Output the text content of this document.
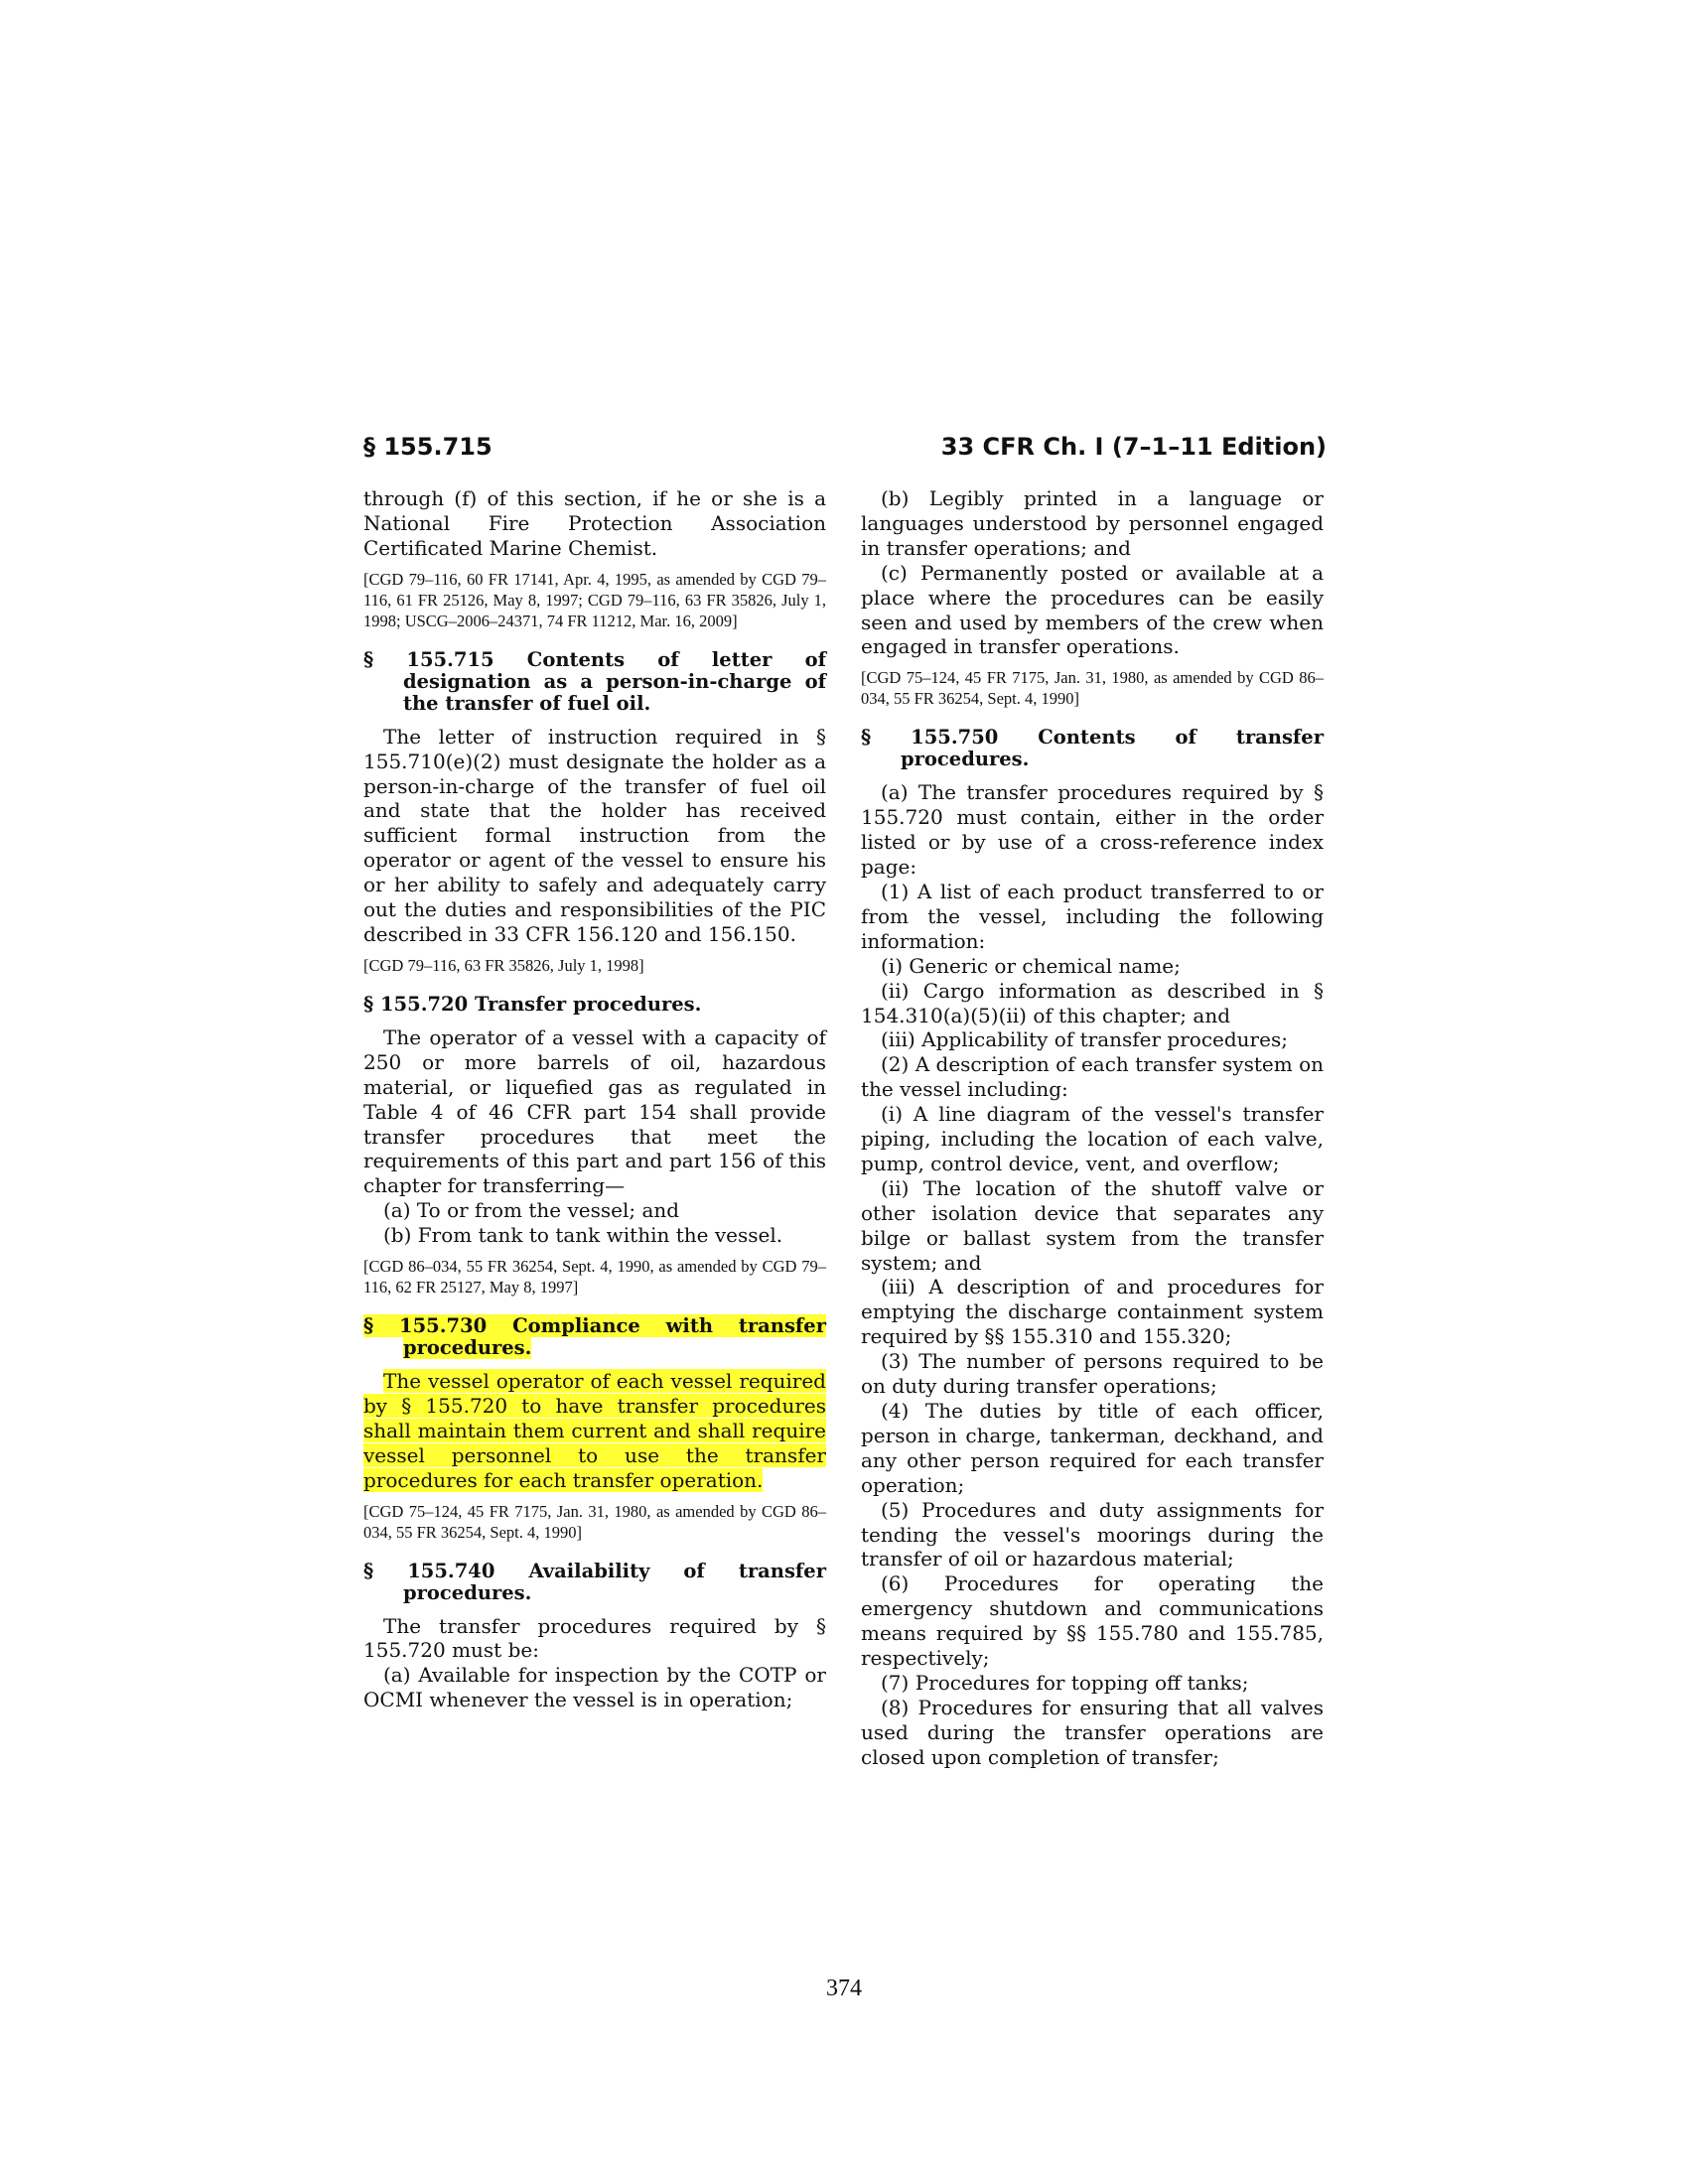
§ 155.715	33 CFR Ch. I (7–1–11 Edition)

through (f) of this section, if he or she is a National Fire Protection Association Certificated Marine Chemist.

[CGD 79–116, 60 FR 17141, Apr. 4, 1995, as amended by CGD 79–116, 61 FR 25126, May 8, 1997; CGD 79–116, 63 FR 35826, July 1, 1998; USCG–2006–24371, 74 FR 11212, Mar. 16, 2009]
§ 155.715 Contents of letter of designation as a person-in-charge of the transfer of fuel oil.

The letter of instruction required in § 155.710(e)(2) must designate the holder as a person-in-charge of the transfer of fuel oil and state that the holder has received sufficient formal instruction from the operator or agent of the vessel to ensure his or her ability to safely and adequately carry out the duties and responsibilities of the PIC described in 33 CFR 156.120 and 156.150.

[CGD 79–116, 63 FR 35826, July 1, 1998]
§ 155.720 Transfer procedures.

The operator of a vessel with a capacity of 250 or more barrels of oil, hazardous material, or liquefied gas as regulated in Table 4 of 46 CFR part 154 shall provide transfer procedures that meet the requirements of this part and part 156 of this chapter for transferring—

(a) To or from the vessel; and

(b) From tank to tank within the vessel.

[CGD 86–034, 55 FR 36254, Sept. 4, 1990, as amended by CGD 79–116, 62 FR 25127, May 8, 1997]
§ 155.730 Compliance with transfer procedures.

The vessel operator of each vessel required by § 155.720 to have transfer procedures shall maintain them current and shall require vessel personnel to use the transfer procedures for each transfer operation.

[CGD 75–124, 45 FR 7175, Jan. 31, 1980, as amended by CGD 86–034, 55 FR 36254, Sept. 4, 1990]
§ 155.740 Availability of transfer procedures.

The transfer procedures required by § 155.720 must be:

(a) Available for inspection by the COTP or OCMI whenever the vessel is in operation;

(b) Legibly printed in a language or languages understood by personnel engaged in transfer operations; and

(c) Permanently posted or available at a place where the procedures can be easily seen and used by members of the crew when engaged in transfer operations.

[CGD 75–124, 45 FR 7175, Jan. 31, 1980, as amended by CGD 86–034, 55 FR 36254, Sept. 4, 1990]
§ 155.750 Contents of transfer procedures.

(a) The transfer procedures required by § 155.720 must contain, either in the order listed or by use of a cross-reference index page:

(1) A list of each product transferred to or from the vessel, including the following information:

(i) Generic or chemical name;

(ii) Cargo information as described in § 154.310(a)(5)(ii) of this chapter; and

(iii) Applicability of transfer procedures;

(2) A description of each transfer system on the vessel including:

(i) A line diagram of the vessel's transfer piping, including the location of each valve, pump, control device, vent, and overflow;

(ii) The location of the shutoff valve or other isolation device that separates any bilge or ballast system from the transfer system; and

(iii) A description of and procedures for emptying the discharge containment system required by §§ 155.310 and 155.320;

(3) The number of persons required to be on duty during transfer operations;

(4) The duties by title of each officer, person in charge, tankerman, deckhand, and any other person required for each transfer operation;

(5) Procedures and duty assignments for tending the vessel's moorings during the transfer of oil or hazardous material;

(6) Procedures for operating the emergency shutdown and communications means required by §§ 155.780 and 155.785, respectively;

(7) Procedures for topping off tanks;

(8) Procedures for ensuring that all valves used during the transfer operations are closed upon completion of transfer;

374
